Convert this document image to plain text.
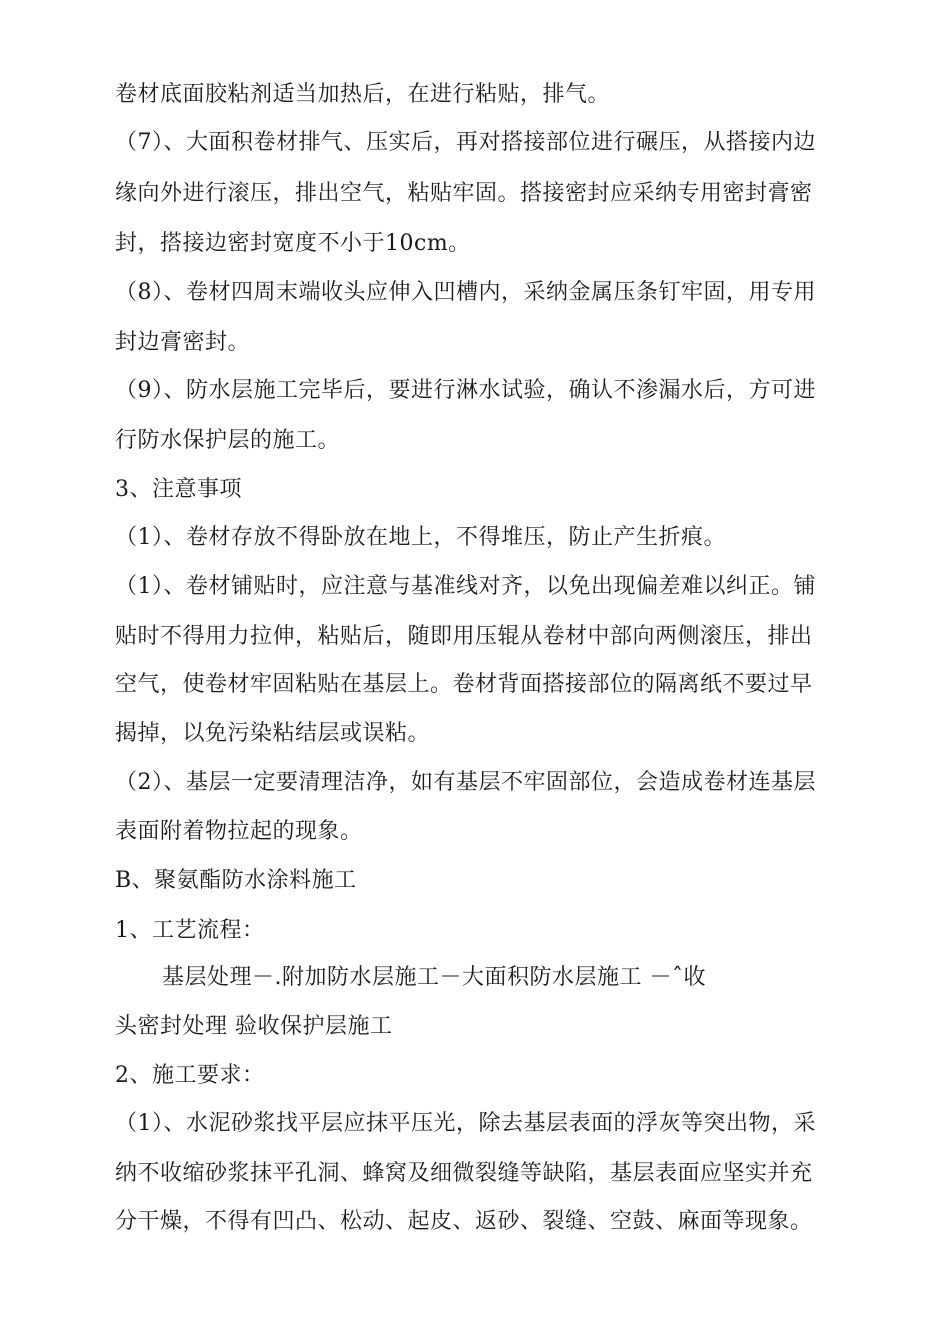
卷材底面胶粘剂适当加热后，在进行粘贴，排气。
（7）、大面积卷材排气、压实后，再对搭接部位进行碾压，从搭接内边
缘向外进行滚压，排出空气，粘贴牢固。搭接密封应采纳专用密封膏密
封，搭接边密封宽度不小于10cm。
（8）、卷材四周末端收头应伸入凹槽内，采纳金属压条钉牢固，用专用
封边膏密封。
（9）、防水层施工完毕后，要进行淋水试验，确认不渗漏水后，方可进
行防水保护层的施工。
3、注意事项
（1）、卷材存放不得卧放在地上，不得堆压，防止产生折痕。
（1）、卷材铺贴时，应注意与基准线对齐，以免出现偏差难以纠正。铺
贴时不得用力拉伸，粘贴后，随即用压辊从卷材中部向两侧滚压，排出
空气，使卷材牢固粘贴在基层上。卷材背面搭接部位的隔离纸不要过早
揭掉，以免污染粘结层或误粘。
（2）、基层一定要清理洁净，如有基层不牢固部位，会造成卷材连基层
表面附着物拉起的现象。
B、聚氨酯防水涂料施工
1、工艺流程：
基层处理－.附加防水层施工－大面积防水层施工 －ˆ收
头密封处理 验收保护层施工
2、施工要求：
（1）、水泥砂浆找平层应抹平压光，除去基层表面的浮灰等突出物，采
纳不收缩砂浆抹平孔洞、蜂窝及细微裂缝等缺陷，基层表面应坚实并充
分干燥，不得有凹凸、松动、起皮、返砂、裂缝、空鼓、麻面等现象。
